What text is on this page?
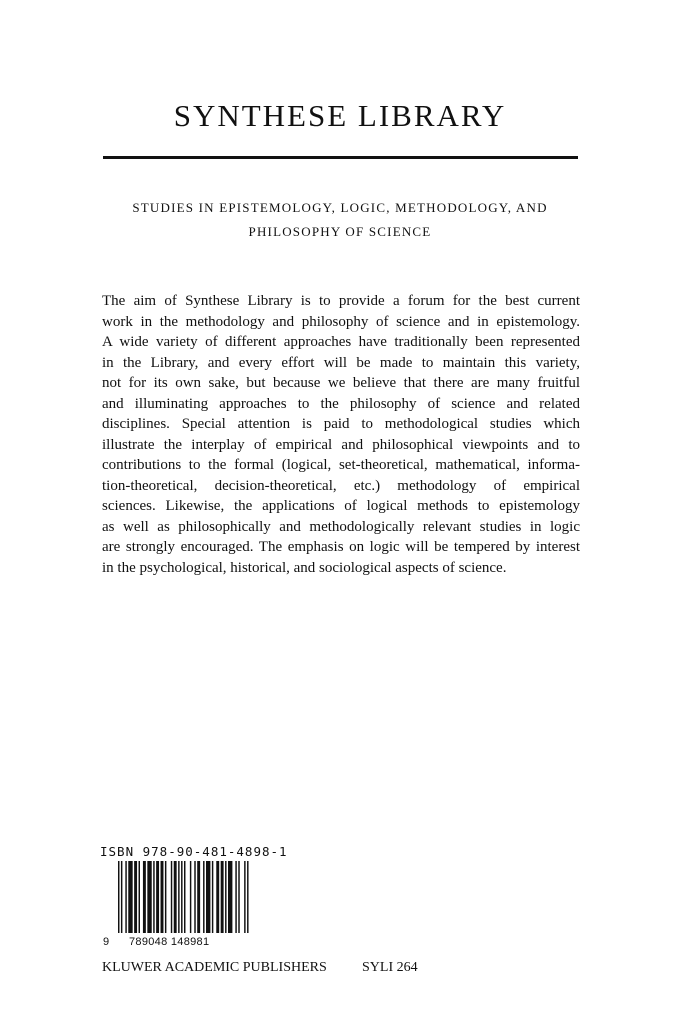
SYNTHESE LIBRARY
STUDIES IN EPISTEMOLOGY, LOGIC, METHODOLOGY, AND
PHILOSOPHY OF SCIENCE
The aim of Synthese Library is to provide a forum for the best current
work in the methodology and philosophy of science and in epistemology.
A wide variety of different approaches have traditionally been represented
in the Library, and every effort will be made to maintain this variety,
not for its own sake, but because we believe that there are many fruitful
and illuminating approaches to the philosophy of science and related
disciplines. Special attention is paid to methodological studies which
illustrate the interplay of empirical and philosophical viewpoints and to
contributions to the formal (logical, set-theoretical, mathematical, informa-
tion-theoretical, decision-theoretical, etc.) methodology of empirical
sciences. Likewise, the applications of logical methods to epistemology
as well as philosophically and methodologically relevant studies in logic
are strongly encouraged. The emphasis on logic will be tempered by interest
in the psychological, historical, and sociological aspects of science.
ISBN 978-90-481-4898-1
9 789048 148981
KLUWER ACADEMIC PUBLISHERS	SYLI 264
